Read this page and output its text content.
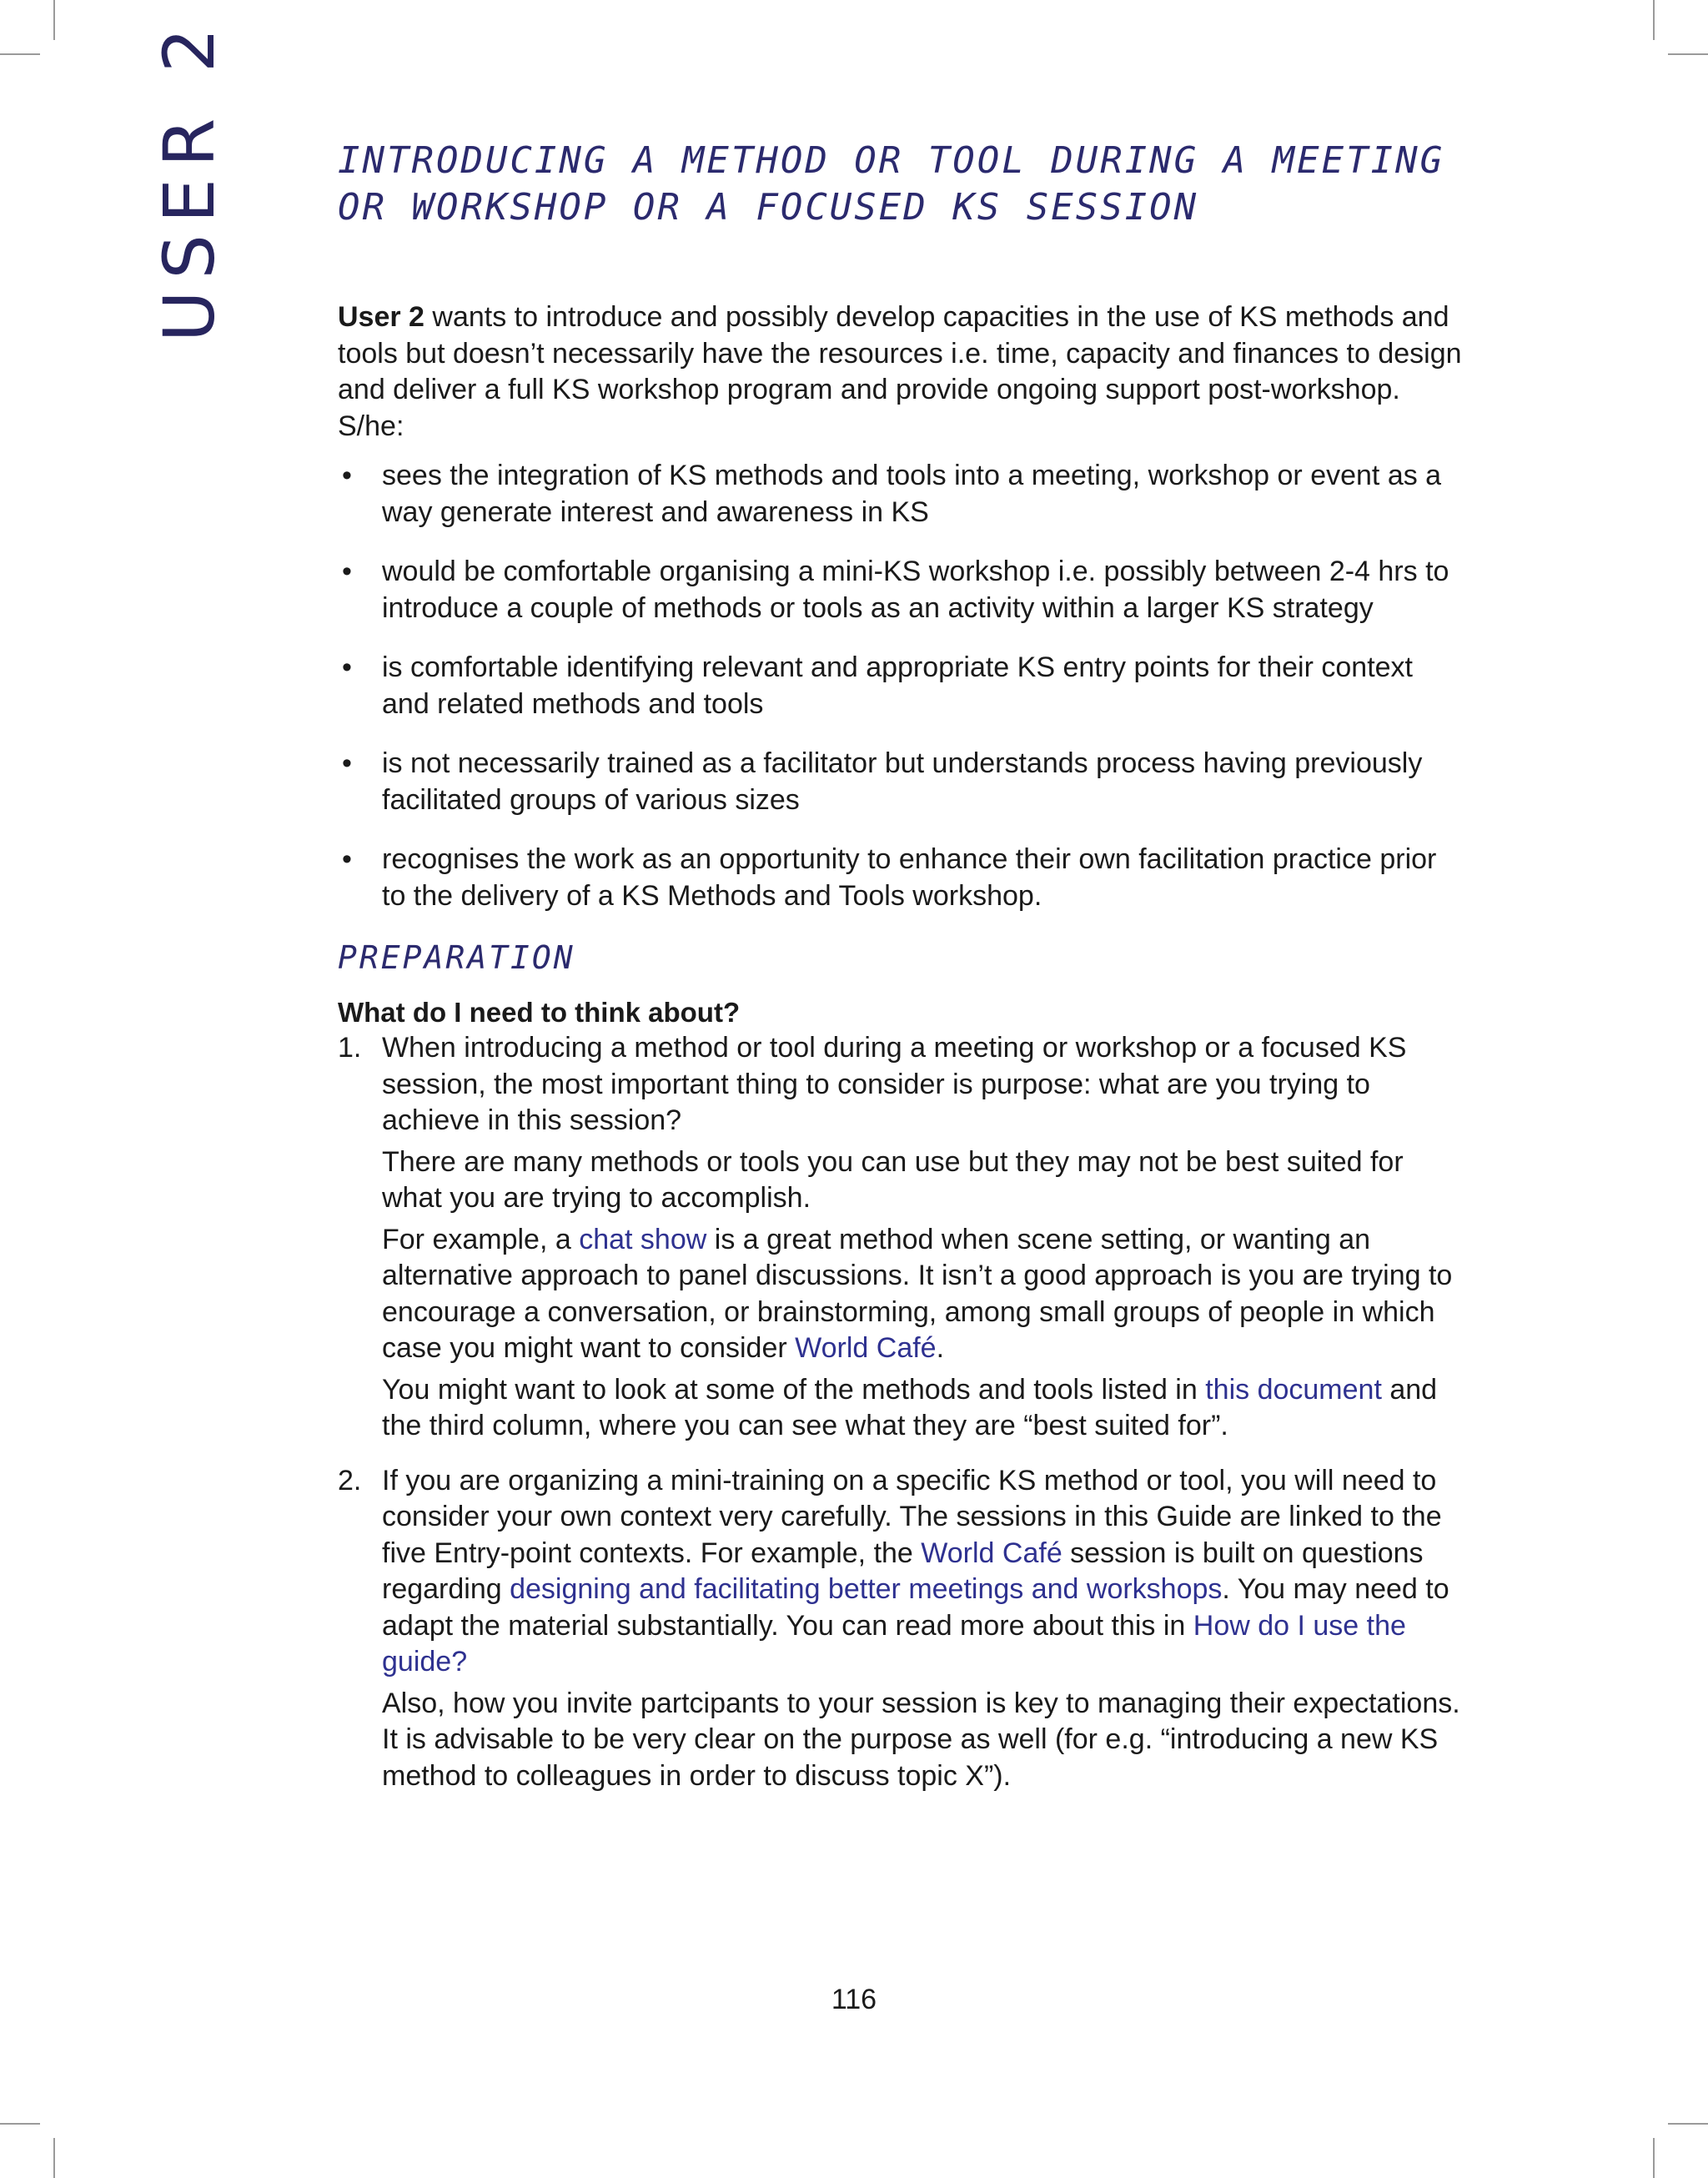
USER 2	INTRODUCING A METHOD OR TOOL DURING A MEETING OR WORKSHOP OR A FOCUSED KS SESSION

User 2 wants to introduce and possibly develop capacities in the use of KS methods and tools but doesn’t necessarily have the resources i.e. time, capacity and finances to design and deliver a full KS workshop program and provide ongoing support post-workshop. S/he:

• sees the integration of KS methods and tools into a meeting, workshop or event as a way generate interest and awareness in KS
• would be comfortable organising a mini-KS workshop i.e. possibly between 2-4 hrs to introduce a couple of methods or tools as an activity within a larger KS strategy
• is comfortable identifying relevant and appropriate KS entry points for their context and related methods and tools
• is not necessarily trained as a facilitator but understands process having previously facilitated groups of various sizes
• recognises the work as an opportunity to enhance their own facilitation practice prior to the delivery of a KS Methods and Tools workshop.
PREPARATION

What do I need to think about?

1. When introducing a method or tool during a meeting or workshop or a focused KS session, the most important thing to consider is purpose: what are you trying to achieve in this session?

There are many methods or tools you can use but they may not be best suited for what you are trying to accomplish.

For example, a chat show is a great method when scene setting, or wanting an alternative approach to panel discussions. It isn’t a good approach is you are trying to encourage a conversation, or brainstorming, among small groups of people in which case you might want to consider World Café.

You might want to look at some of the methods and tools listed in this document and the third column, where you can see what they are “best suited for”.

2. If you are organizing a mini-training on a specific KS method or tool, you will need to consider your own context very carefully. The sessions in this Guide are linked to the five Entry-point contexts. For example, the World Café session is built on questions regarding designing and facilitating better meetings and workshops. You may need to adapt the material substantially. You can read more about this in How do I use the guide?

Also, how you invite partcipants to your session is key to managing their expectations. It is advisable to be very clear on the purpose as well (for e.g. “introducing a new KS method to colleagues in order to discuss topic X”).

116
